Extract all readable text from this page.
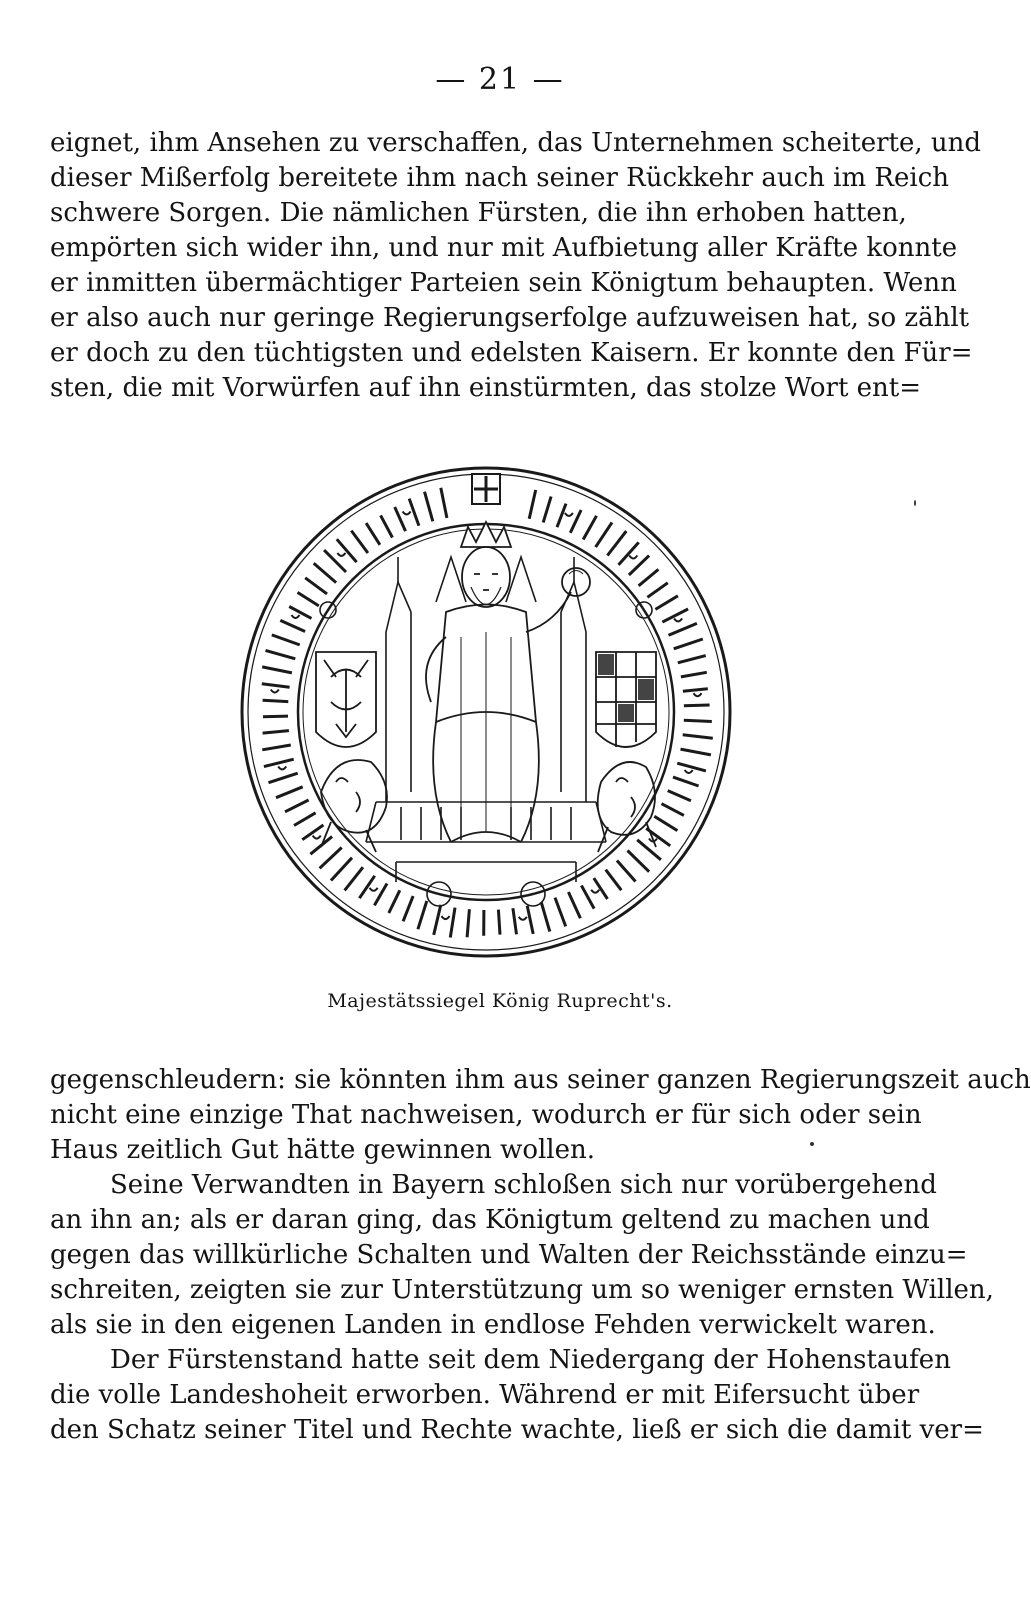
— 21 —
eignet, ihm Ansehen zu verschaffen, das Unternehmen scheiterte, und
dieser Mißerfolg bereitete ihm nach seiner Rückkehr auch im Reich
schwere Sorgen. Die nämlichen Fürsten, die ihn erhoben hatten,
empörten sich wider ihn, und nur mit Aufbietung aller Kräfte konnte
er inmitten übermächtiger Parteien sein Königtum behaupten. Wenn
er also auch nur geringe Regierungserfolge aufzuweisen hat, so zählt
er doch zu den tüchtigsten und edelsten Kaisern. Er konnte den Für=
sten, die mit Vorwürfen auf ihn einstürmten, das stolze Wort ent=
Majestätssiegel König Ruprecht's.
gegenschleudern: sie könnten ihm aus seiner ganzen Regierungszeit auch
nicht eine einzige That nachweisen, wodurch er für sich oder sein
Haus zeitlich Gut hätte gewinnen wollen.
Seine Verwandten in Bayern schloßen sich nur vorübergehend
an ihn an; als er daran ging, das Königtum geltend zu machen und
gegen das willkürliche Schalten und Walten der Reichsstände einzu=
schreiten, zeigten sie zur Unterstützung um so weniger ernsten Willen,
als sie in den eigenen Landen in endlose Fehden verwickelt waren.
Der Fürstenstand hatte seit dem Niedergang der Hohenstaufen
die volle Landeshoheit erworben. Während er mit Eifersucht über
den Schatz seiner Titel und Rechte wachte, ließ er sich die damit ver=
